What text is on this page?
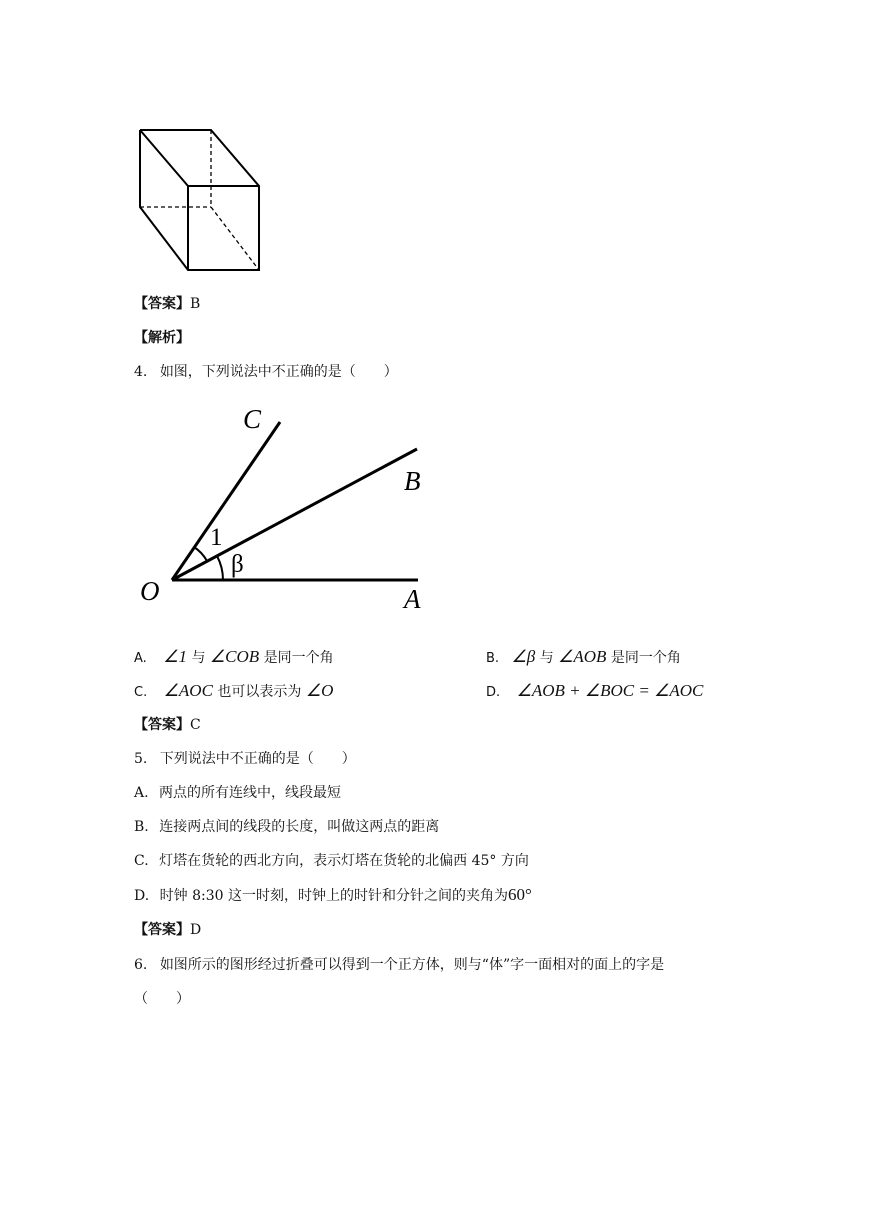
【答案】B
【解析】
4. 如图，下列说法中不正确的是（　　）
C
B
O	A
1
β
A. ∠1 与 ∠COB 是同一个角	B. ∠β 与 ∠AOB 是同一个角
C. ∠AOC 也可以表示为 ∠O	D. ∠AOB + ∠BOC = ∠AOC
【答案】C
5. 下列说法中不正确的是（　　）
A. 两点的所有连线中，线段最短
B. 连接两点间的线段的长度，叫做这两点的距离
C. 灯塔在货轮的西北方向，表示灯塔在货轮的北偏西 45° 方向
D. 时钟 8:30 这一时刻，时钟上的时针和分针之间的夹角为60°
【答案】D
6. 如图所示的图形经过折叠可以得到一个正方体，则与“体”字一面相对的面上的字是
（　　）
